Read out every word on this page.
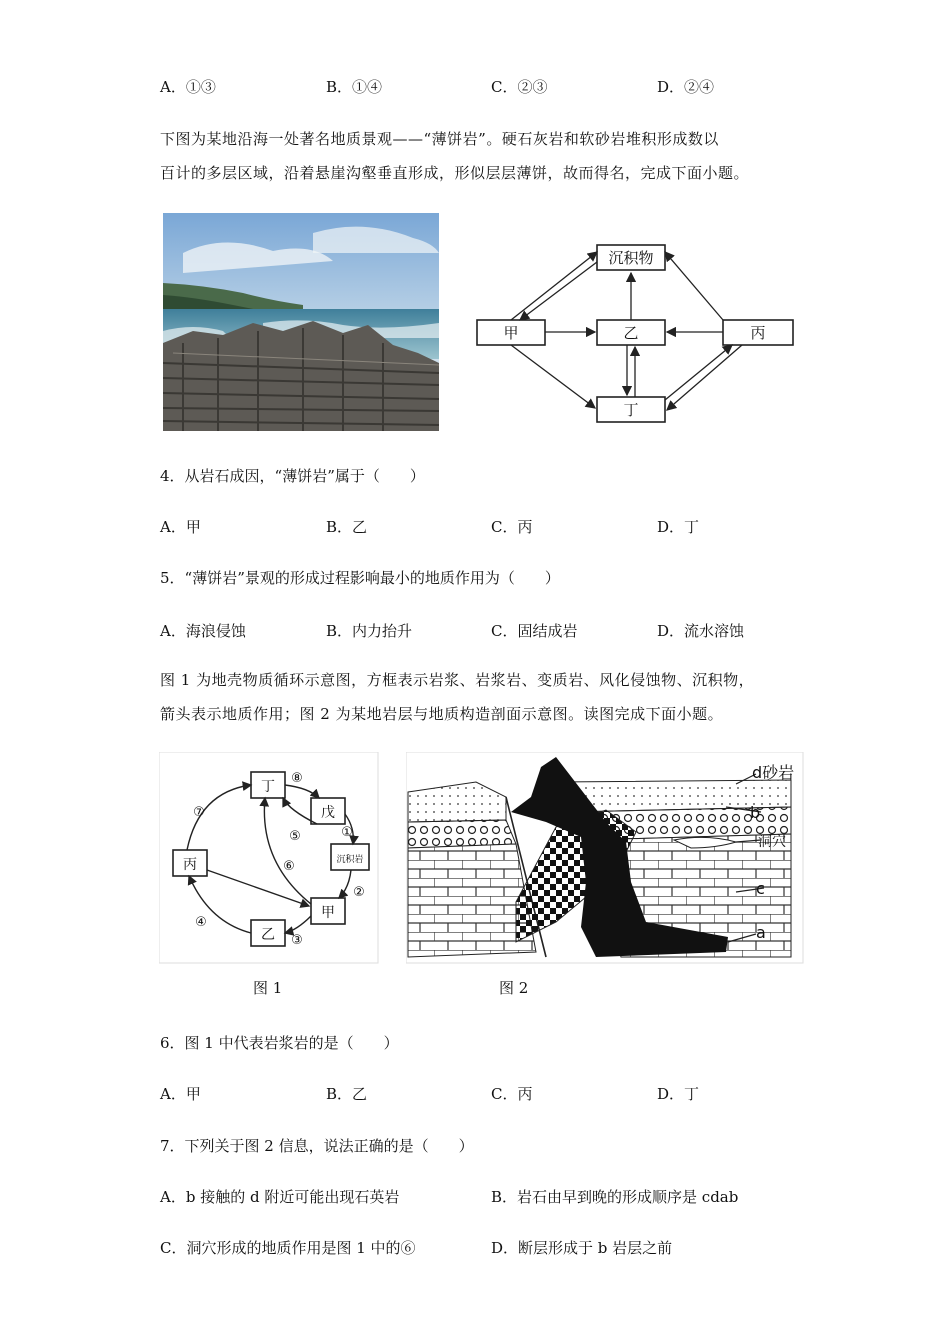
A．①③	B．①④	C．②③	D．②④
下图为某地沿海一处著名地质景观——“薄饼岩”。硬石灰岩和软砂岩堆积形成数以
百计的多层区域，沿着悬崖沟壑垂直形成，形似层层薄饼，故而得名，完成下面小题。
沉积物
甲	乙	丙
丁
4．从岩石成因，“薄饼岩”属于（　　）
A．甲	B．乙	C．丙	D．丁
5．“薄饼岩”景观的形成过程影响最小的地质作用为（　　）
A．海浪侵蚀	B．内力抬升	C．固结成岩	D．流水溶蚀
图 1 为地壳物质循环示意图，方框表示岩浆、岩浆岩、变质岩、风化侵蚀物、沉积物，
箭头表示地质作用；图 2 为某地岩层与地质构造剖面示意图。读图完成下面小题。
丁
戊
沉积岩
丙
甲
乙
①
②
③
④
⑤
⑥
⑦
⑧	d砂岩
b
洞穴
c
a
图 1	图 2
6．图 1 中代表岩浆岩的是（　　）
A．甲	B．乙	C．丙	D．丁
7．下列关于图 2 信息，说法正确的是（　　）
A．b 接触的 d 附近可能出现石英岩	B．岩石由早到晚的形成顺序是 cdab
C．洞穴形成的地质作用是图 1 中的⑥	D．断层形成于 b 岩层之前
